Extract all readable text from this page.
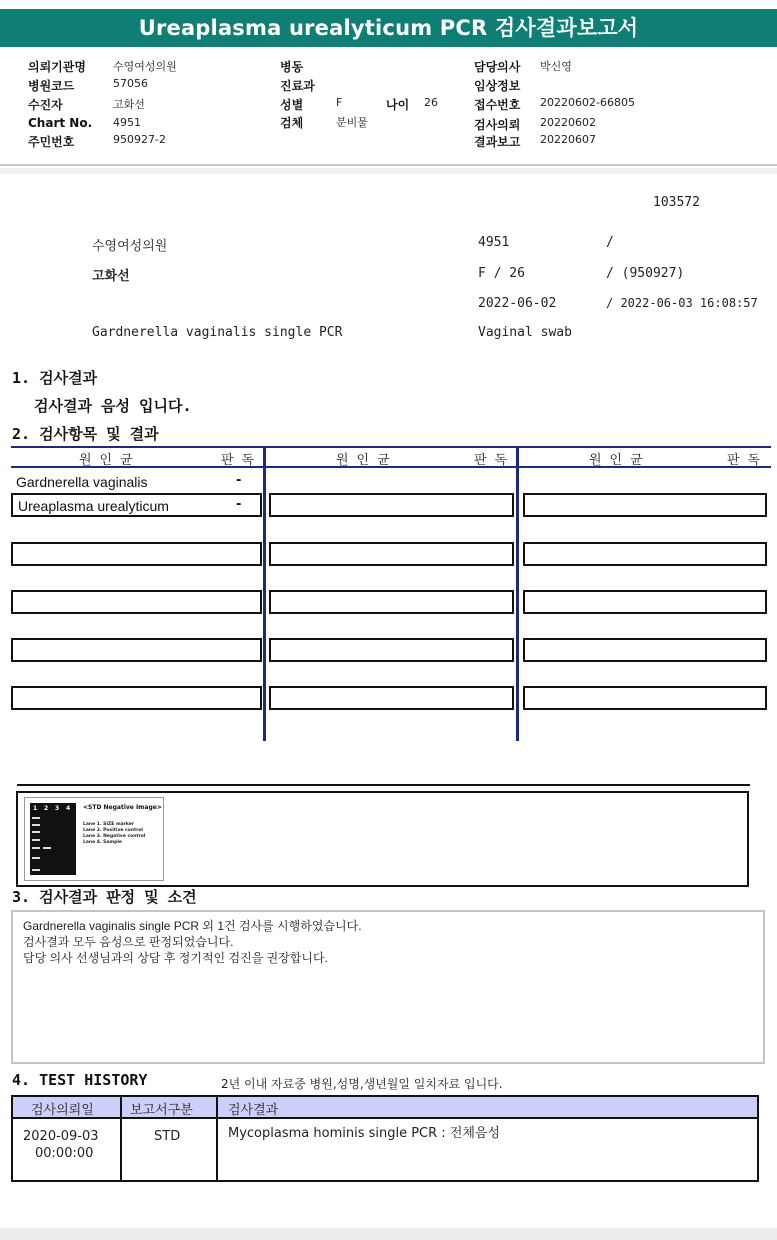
Ureaplasma urealyticum PCR 검사결과보고서
의뢰기관명 수영여성의원
병원코드	57056
수진자	고화선
Chart No. 4951
주민번호	950927-2
병동
진료과
성별	F	나이 26
검체	분비물
담당의사 박신영
임상정보
접수번호 20220602-66805
검사의뢰 20220602
결과보고 20220607
103572
수영여성의원	4951	/
고화선	F / 26	/ (950927)
2022-06-02	/ 2022-06-03 16:08:57
Gardnerella vaginalis single PCR	Vaginal swab
1. 검사결과
검사결과 음성 입니다.
2. 검사항목 및 결과
원인균	판독	원인균	판독	원인균	판독
Gardnerella vaginalis	-
Ureaplasma urealyticum	-
1 2 3 4 <STD Negative Image>
Lane 1. SIZE marker
Lane 2. Positive control
Lane 3. Negative control
Lane 4. Sample
3. 검사결과 판정 및 소견
Gardnerella vaginalis single PCR 외 1건 검사를 시행하였습니다.
검사결과 모두 음성으로 판정되었습니다.
담당 의사 선생님과의 상담 후 정기적인 검진을 권장합니다.
4. TEST HISTORY	2년 이내 자료중 병원,성명,생년월일 일치자료 입니다.
검사의뢰일	보고서구분	검사결과
2020-09-03
00:00:00
STD	Mycoplasma hominis single PCR : 전체음성
